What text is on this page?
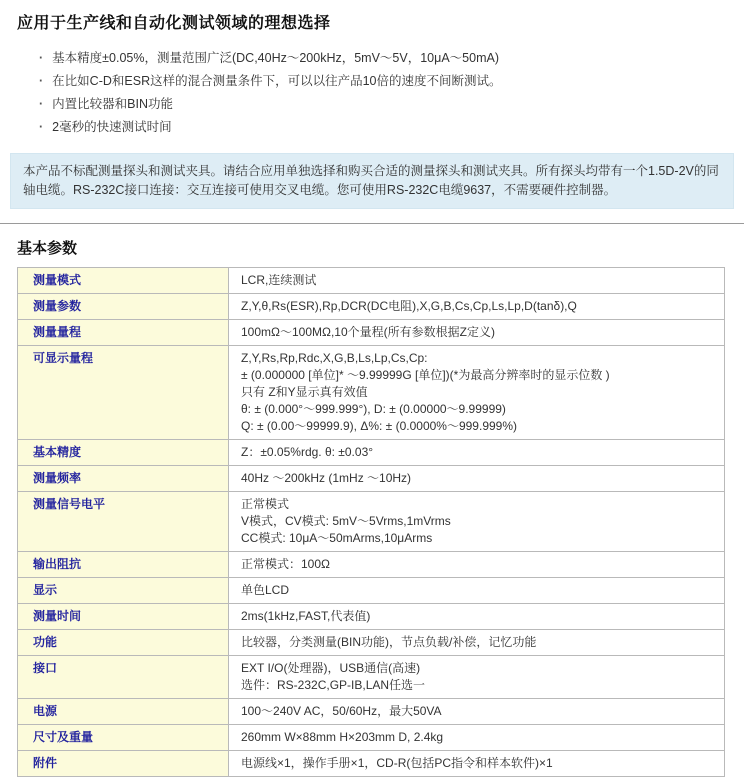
应用于生产线和自动化测试领域的理想选择
· 基本精度±0.05%，测量范围广泛(DC,40Hz～200kHz，5mV～5V，10μA～50mA)
· 在比如C-D和ESR这样的混合测量条件下，可以以往产品10倍的速度不间断测试。
· 内置比较器和BIN功能
· 2毫秒的快速测试时间
本产品不标配测量探头和测试夹具。请结合应用单独选择和购买合适的测量探头和测试夹具。所有探头均带有一个1.5D-2V的同轴电缆。RS-232C接口连接：交互连接可使用交叉电缆。您可使用RS-232C电缆9637，不需要硬件控制器。
基本参数
测量模式	LCR,连续测试

测量参数	Z,Y,θ,Rs(ESR),Rp,DCR(DC电阻),X,G,B,Cs,Cp,Ls,Lp,D(tanδ),Q

测量量程	100mΩ～100MΩ,10个量程(所有参数根据Z定义)

可显示量程	Z,Y,Rs,Rp,Rdc,X,G,B,Ls,Lp,Cs,Cp:
± (0.000000 [单位]* ～9.99999G [单位])(*为最高分辨率时的显示位数 )
只有 Z和Y显示真有效值
θ: ± (0.000°～999.999°), D: ± (0.00000～9.99999)
Q: ± (0.00～99999.9), Δ%: ± (0.0000%～999.999%)

基本精度	Z：±0.05%rdg. θ: ±0.03°

测量频率	40Hz ～200kHz (1mHz ～10Hz)

测量信号电平	正常模式
V模式，CV模式: 5mV～5Vrms,1mVrms
CC模式: 10μA～50mArms,10μArms

输出阻抗	正常模式：100Ω

显示	单色LCD

测量时间	2ms(1kHz,FAST,代表值)

功能	比较器，分类测量(BIN功能)，节点负载/补偿，记忆功能

接口	EXT I/O(处理器)，USB通信(高速)
选件：RS-232C,GP-IB,LAN任选一

电源	100～240V AC，50/60Hz，最大50VA

尺寸及重量	260mm W×88mm H×203mm D, 2.4kg

附件	电源线×1，操作手册×1，CD-R(包括PC指令和样本软件)×1
